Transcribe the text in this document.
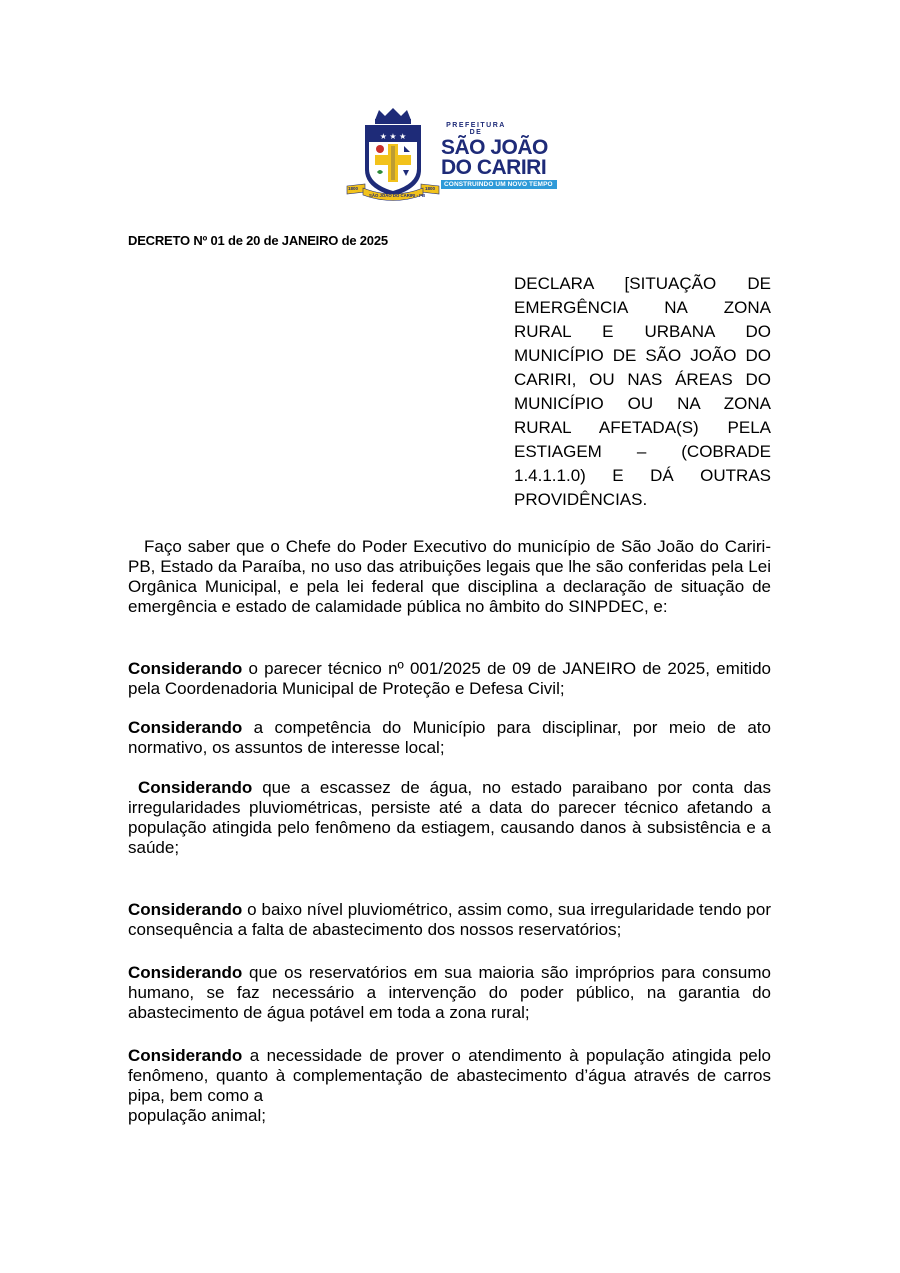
★ ★ ★
1800
SÃO JOÃO DO CARIRI - PB
1800
PREFEITURA DE
SÃO JOÃO
DO CARIRI
CONSTRUINDO UM NOVO TEMPO
DECRETO Nº 01 de 20 de JANEIRO de 2025
DECLARA [SITUAÇÃO DE EMERGÊNCIA NA ZONA RURAL E URBANA DO MUNICÍPIO DE SÃO JOÃO DO CARIRI, OU NAS ÁREAS DO MUNICÍPIO OU NA ZONA RURAL AFETADA(S) PELA ESTIAGEM – (COBRADE 1.4.1.1.0) E DÁ OUTRAS PROVIDÊNCIAS.
Faço saber que o Chefe do Poder Executivo do município de São João do Cariri-PB, Estado da Paraíba, no uso das atribuições legais que lhe são conferidas pela Lei Orgânica Municipal, e pela lei federal que disciplina a declaração de situação de emergência e estado de calamidade pública no âmbito do SINPDEC, e:
Considerando o parecer técnico nº 001/2025 de 09 de JANEIRO de 2025, emitido pela Coordenadoria Municipal de Proteção e Defesa Civil;
Considerando a competência do Município para disciplinar, por meio de ato normativo, os assuntos de interesse local;
Considerando que a escassez de água, no estado paraibano por conta das irregularidades pluviométricas, persiste até a data do parecer técnico afetando a população atingida pelo fenômeno da estiagem, causando danos à subsistência e a saúde;
Considerando o baixo nível pluviométrico, assim como, sua irregularidade tendo por consequência a falta de abastecimento dos nossos reservatórios;
Considerando que os reservatórios em sua maioria são impróprios para consumo humano, se faz necessário a intervenção do poder público, na garantia do abastecimento de água potável em toda a zona rural;
Considerando a necessidade de prover o atendimento à população atingida pelo fenômeno, quanto à complementação de abastecimento d’água através de carros pipa, bem como a
população animal;
